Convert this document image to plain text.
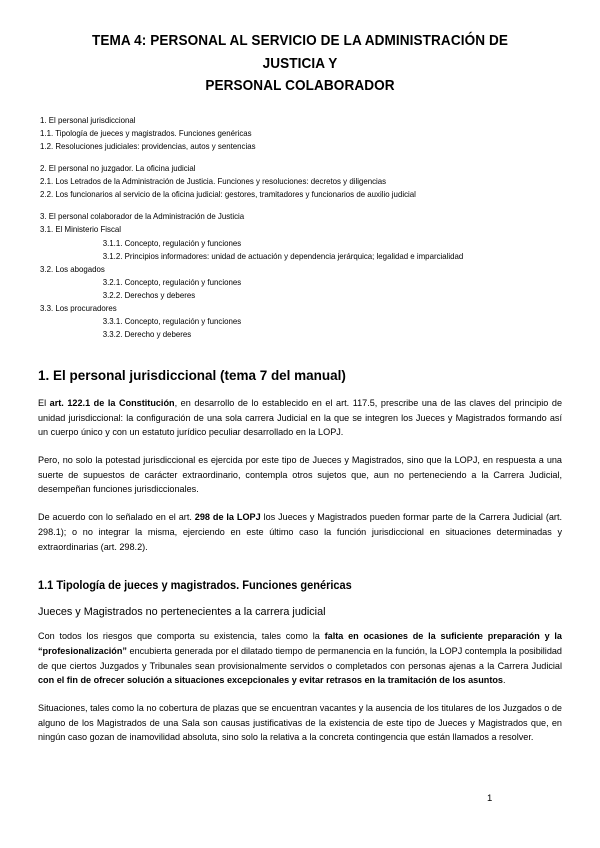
TEMA 4: PERSONAL AL SERVICIO DE LA ADMINISTRACIÓN DE JUSTICIA Y
PERSONAL COLABORADOR
1. El personal jurisdiccional
1.1. Tipología de jueces y magistrados. Funciones genéricas
1.2. Resoluciones judiciales: providencias, autos y sentencias
2. El personal no juzgador. La oficina judicial
2.1. Los Letrados de la Administración de Justicia. Funciones y resoluciones: decretos y diligencias
2.2. Los funcionarios al servicio de la oficina judicial: gestores, tramitadores y funcionarios de auxilio judicial
3. El personal colaborador de la Administración de Justicia
3.1. El Ministerio Fiscal
3.1.1. Concepto, regulación y funciones
3.1.2. Principios informadores: unidad de actuación y dependencia jerárquica; legalidad e imparcialidad
3.2. Los abogados
3.2.1. Concepto, regulación y funciones
3.2.2. Derechos y deberes
3.3. Los procuradores
3.3.1. Concepto, regulación y funciones
3.3.2. Derecho y deberes
1. El personal jurisdiccional (tema 7 del manual)

El art. 122.1 de la Constitución, en desarrollo de lo establecido en el art. 117.5, prescribe una de las claves del principio de unidad jurisdiccional: la configuración de una sola carrera Judicial en la que se integren los Jueces y Magistrados formando así un cuerpo único y con un estatuto jurídico peculiar desarrollado en la LOPJ.

Pero, no solo la potestad jurisdiccional es ejercida por este tipo de Jueces y Magistrados, sino que la LOPJ, en respuesta a una suerte de supuestos de carácter extraordinario, contempla otros sujetos que, aun no perteneciendo a la Carrera Judicial, desempeñan funciones jurisdiccionales.

De acuerdo con lo señalado en el art. 298 de la LOPJ los Jueces y Magistrados pueden formar parte de la Carrera Judicial (art. 298.1); o no integrar la misma, ejerciendo en este último caso la función jurisdiccional en situaciones determinadas y extraordinarias (art. 298.2).

1.1 Tipología de jueces y magistrados. Funciones genéricas
Jueces y Magistrados no pertenecientes a la carrera judicial

Con todos los riesgos que comporta su existencia, tales como la falta en ocasiones de la suficiente preparación y la “profesionalización” encubierta generada por el dilatado tiempo de permanencia en la función, la LOPJ contempla la posibilidad de que ciertos Juzgados y Tribunales sean provisionalmente servidos o completados con personas ajenas a la Carrera Judicial con el fin de ofrecer solución a situaciones excepcionales y evitar retrasos en la tramitación de los asuntos.

Situaciones, tales como la no cobertura de plazas que se encuentran vacantes y la ausencia de los titulares de los Juzgados o de alguno de los Magistrados de una Sala son causas justificativas de la existencia de este tipo de Jueces y Magistrados que, en ningún caso gozan de inamovilidad absoluta, sino solo la relativa a la concreta contingencia que están llamados a resolver.

1
